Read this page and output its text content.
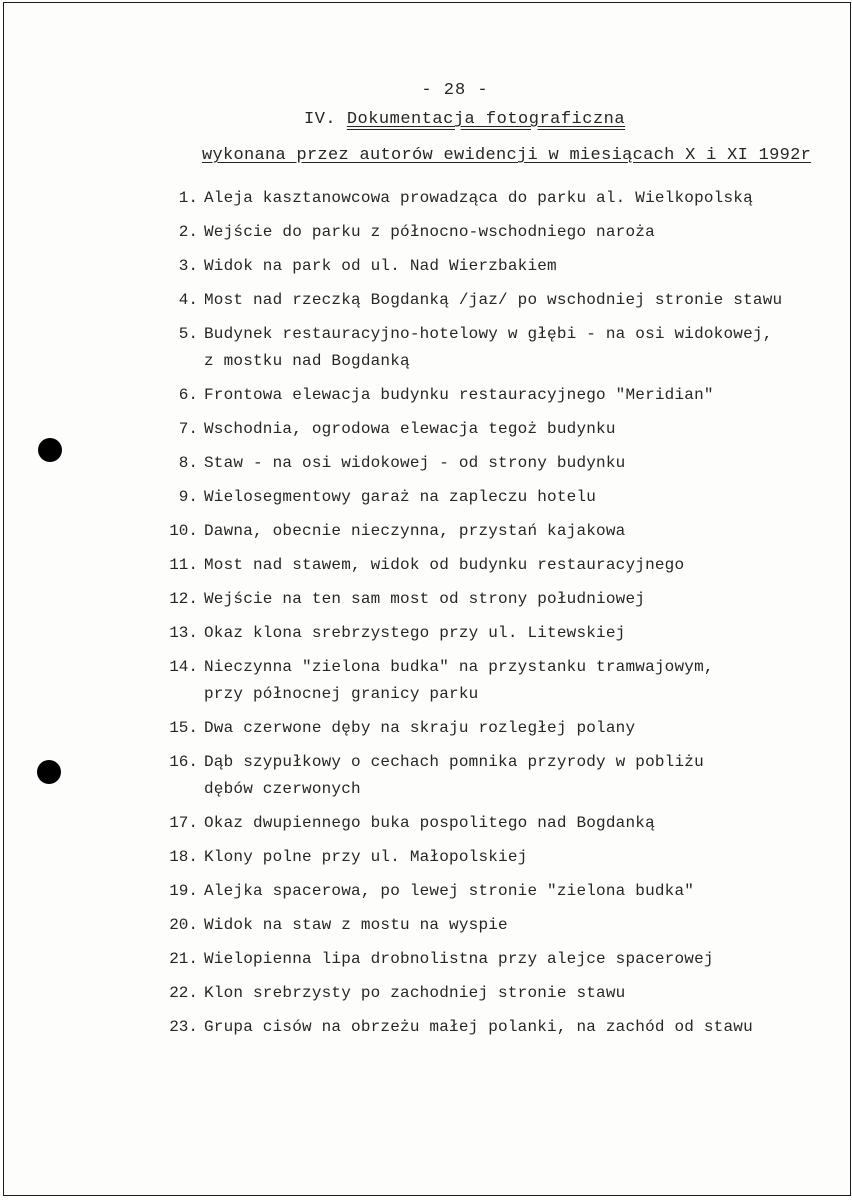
- 28 -
IV. Dokumentacja fotograficzna
wykonana przez autorów ewidencji w miesiącach X i XI 1992r
1. Aleja kasztanowcowa prowadząca do parku al. Wielkopolską
2. Wejście do parku z północno-wschodniego naroża
3. Widok na park od ul. Nad Wierzbakiem
4. Most nad rzeczką Bogdanką /jaz/ po wschodniej stronie stawu
5. Budynek restauracyjno-hotelowy w głębi - na osi widokowej,
z mostku nad Bogdanką
6. Frontowa elewacja budynku restauracyjnego "Meridian"
7. Wschodnia, ogrodowa elewacja tegoż budynku
8. Staw - na osi widokowej - od strony budynku
9. Wielosegmentowy garaż na zapleczu hotelu
10. Dawna, obecnie nieczynna, przystań kajakowa
11. Most nad stawem, widok od budynku restauracyjnego
12. Wejście na ten sam most od strony południowej
13. Okaz klona srebrzystego przy ul. Litewskiej
14. Nieczynna "zielona budka" na przystanku tramwajowym,
przy północnej granicy parku
15. Dwa czerwone dęby na skraju rozległej polany
16. Dąb szypułkowy o cechach pomnika przyrody w pobliżu
dębów czerwonych
17. Okaz dwupiennego buka pospolitego nad Bogdanką
18. Klony polne przy ul. Małopolskiej
19. Alejka spacerowa, po lewej stronie "zielona budka"
20. Widok na staw z mostu na wyspie
21. Wielopienna lipa drobnolistna przy alejce spacerowej
22. Klon srebrzysty po zachodniej stronie stawu
23. Grupa cisów na obrzeżu małej polanki, na zachód od stawu
